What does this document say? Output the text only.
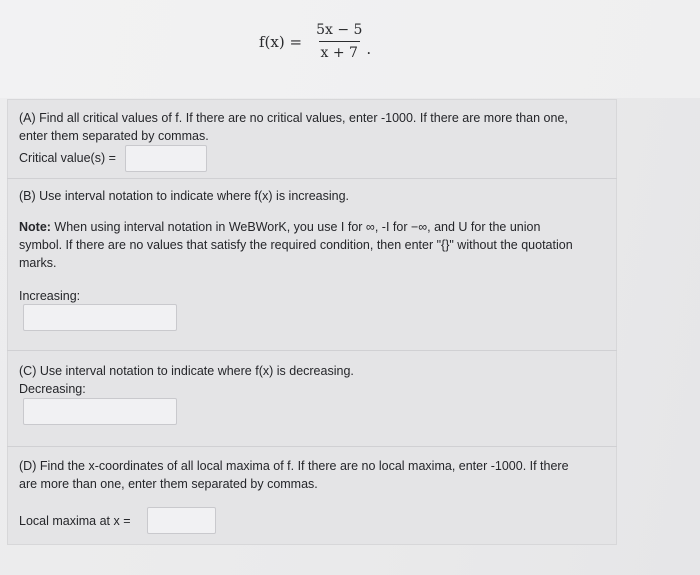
$f(x) = \frac{5x - 5}{x + 7}$ .
(A) Find all critical values of f. If there are no critical values, enter -1000. If there are more than one,
enter them separated by commas.
Critical value(s) =
(B) Use interval notation to indicate where f(x) is increasing.
Note: When using interval notation in WeBWorK, you use I for ∞, -I for −∞, and U for the union
symbol. If there are no values that satisfy the required condition, then enter "{}" without the quotation
marks.
Increasing:
(C) Use interval notation to indicate where f(x) is decreasing.
Decreasing:
(D) Find the x-coordinates of all local maxima of f. If there are no local maxima, enter -1000. If there
are more than one, enter them separated by commas.
Local maxima at x =
